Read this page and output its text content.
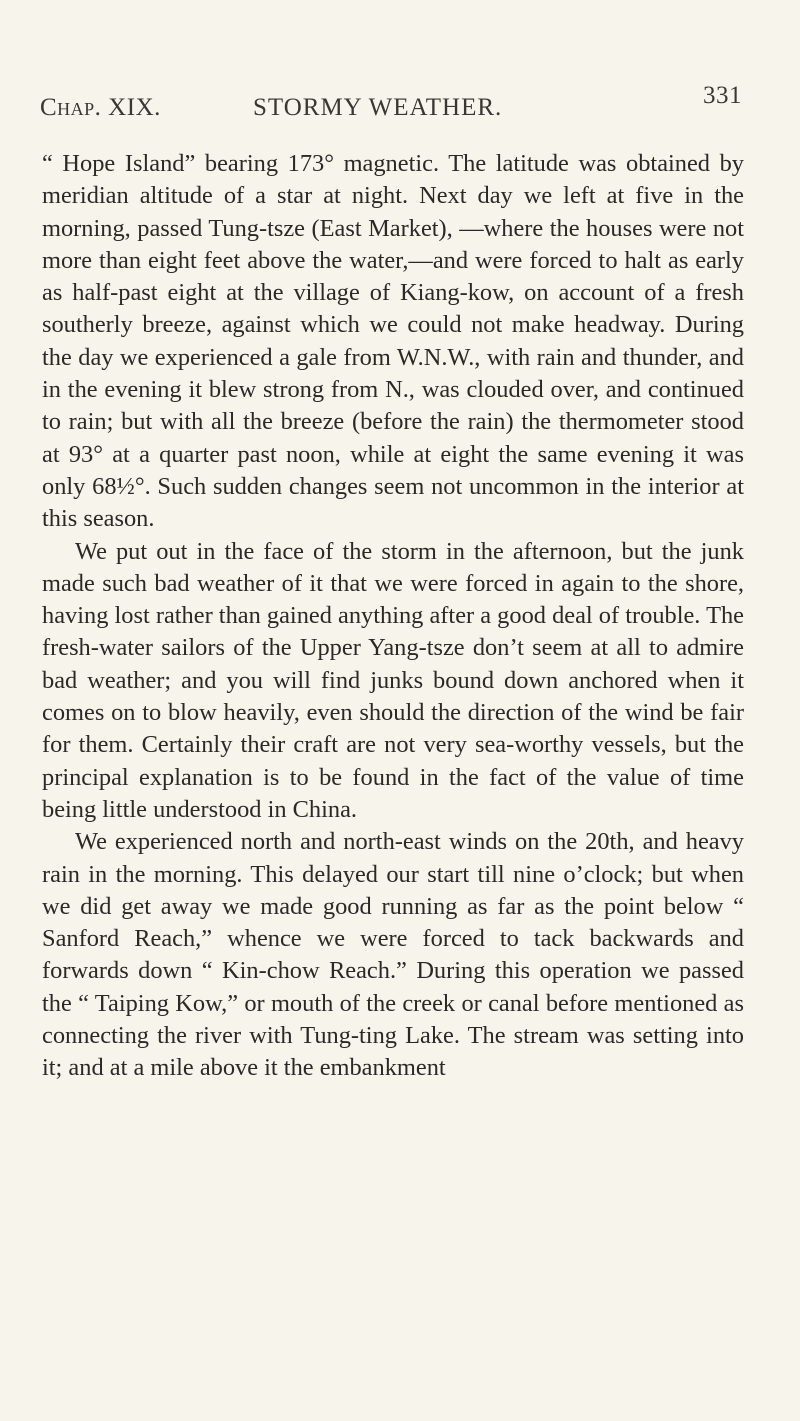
Chap. XIX.	STORMY WEATHER.	331

“ Hope Island” bearing 173° magnetic. The latitude was obtained by meridian altitude of a star at night. Next day we left at five in the morning, passed Tung-tsze (East Market), —where the houses were not more than eight feet above the water,—and were forced to halt as early as half-past eight at the village of Kiang-kow, on account of a fresh southerly breeze, against which we could not make headway. During the day we experienced a gale from W.N.W., with rain and thunder, and in the evening it blew strong from N., was clouded over, and continued to rain; but with all the breeze (before the rain) the thermometer stood at 93° at a quarter past noon, while at eight the same evening it was only 68½°. Such sudden changes seem not uncommon in the interior at this season.

We put out in the face of the storm in the afternoon, but the junk made such bad weather of it that we were forced in again to the shore, having lost rather than gained anything after a good deal of trouble. The fresh-water sailors of the Upper Yang-tsze don’t seem at all to admire bad weather; and you will find junks bound down anchored when it comes on to blow heavily, even should the direction of the wind be fair for them. Certainly their craft are not very sea-worthy vessels, but the principal explanation is to be found in the fact of the value of time being little understood in China.

We experienced north and north-east winds on the 20th, and heavy rain in the morning. This delayed our start till nine o’clock; but when we did get away we made good running as far as the point below “ Sanford Reach,” whence we were forced to tack backwards and forwards down “ Kin-chow Reach.” During this operation we passed the “ Taiping Kow,” or mouth of the creek or canal before mentioned as connecting the river with Tung-ting Lake. The stream was setting into it; and at a mile above it the embankment
